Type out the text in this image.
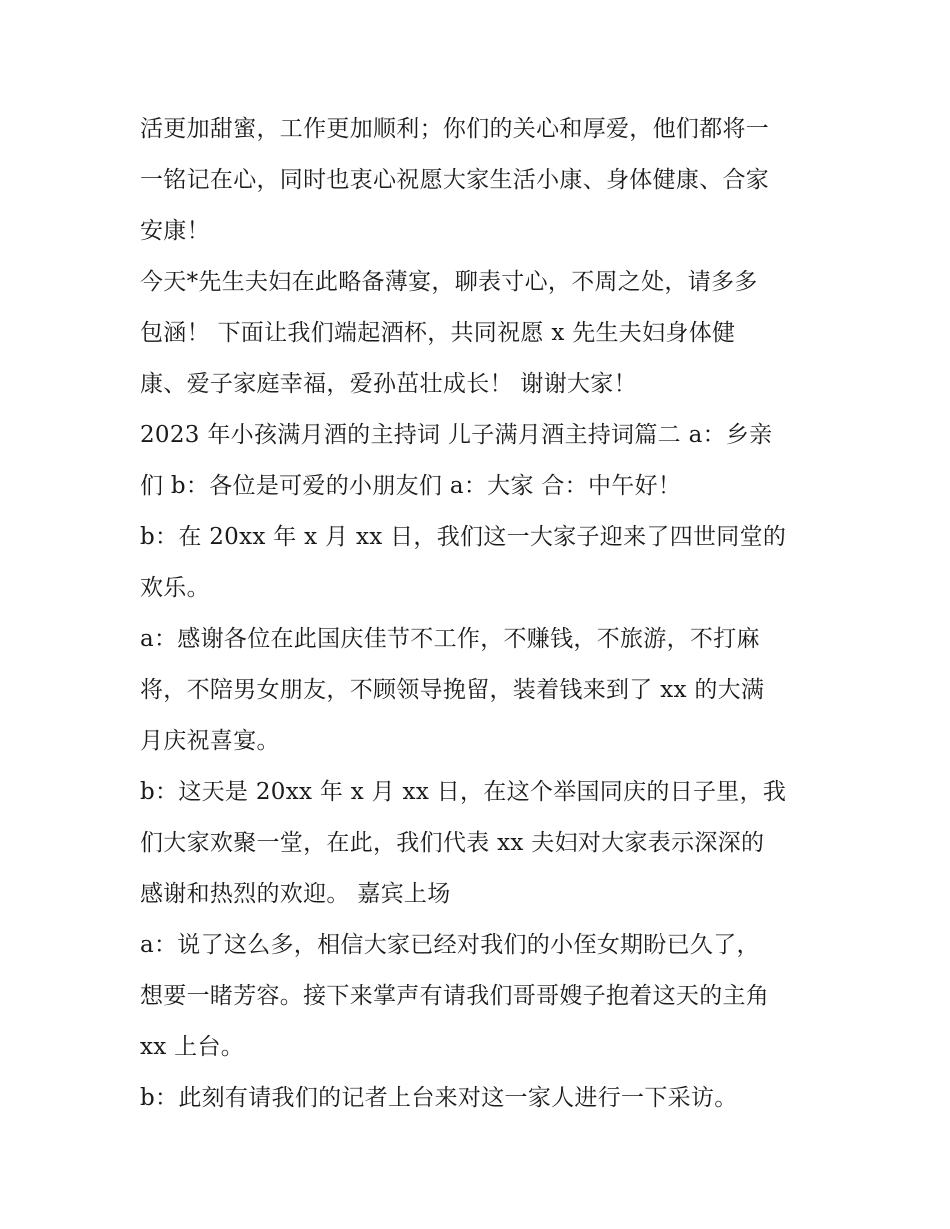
活更加甜蜜，工作更加顺利；你们的关心和厚爱，他们都将一
一铭记在心，同时也衷心祝愿大家生活小康、身体健康、合家
安康！
今天*先生夫妇在此略备薄宴，聊表寸心，不周之处，请多多
包涵！ 下面让我们端起酒杯，共同祝愿 x 先生夫妇身体健
康、爱子家庭幸福，爱孙茁壮成长！ 谢谢大家！
2023 年小孩满月酒的主持词 儿子满月酒主持词篇二 a：乡亲
们 b：各位是可爱的小朋友们 a：大家 合：中午好！
b：在 20xx 年 x 月 xx 日，我们这一大家子迎来了四世同堂的
欢乐。
a：感谢各位在此国庆佳节不工作，不赚钱，不旅游，不打麻
将，不陪男女朋友，不顾领导挽留，装着钱来到了 xx 的大满
月庆祝喜宴。
b：这天是 20xx 年 x 月 xx 日，在这个举国同庆的日子里，我
们大家欢聚一堂，在此，我们代表 xx 夫妇对大家表示深深的
感谢和热烈的欢迎。 嘉宾上场
a：说了这么多，相信大家已经对我们的小侄女期盼已久了，
想要一睹芳容。接下来掌声有请我们哥哥嫂子抱着这天的主角
xx 上台。
b：此刻有请我们的记者上台来对这一家人进行一下采访。
